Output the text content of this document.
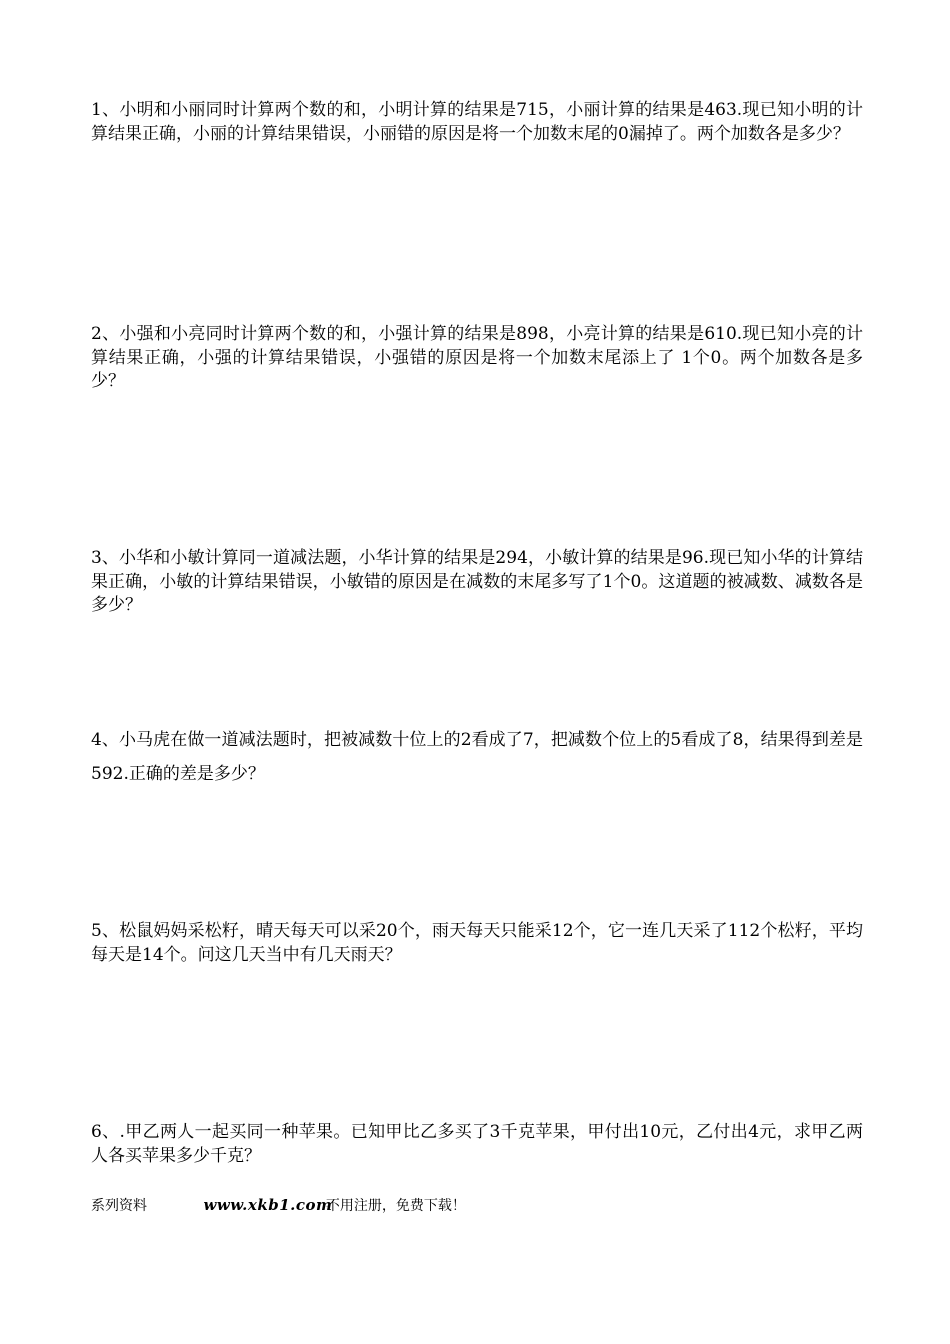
1、小明和小丽同时计算两个数的和，小明计算的结果是715，小丽计算的结果是463.现已知小明的计算结果正确，小丽的计算结果错误，小丽错的原因是将一个加数末尾的0漏掉了。两个加数各是多少？

2、小强和小亮同时计算两个数的和，小强计算的结果是898，小亮计算的结果是610.现已知小亮的计算结果正确，小强的计算结果错误，小强错的原因是将一个加数末尾添上了 1个0。两个加数各是多少？

3、小华和小敏计算同一道减法题，小华计算的结果是294，小敏计算的结果是96.现已知小华的计算结果正确，小敏的计算结果错误，小敏错的原因是在减数的末尾多写了1个0。这道题的被减数、减数各是多少？

4、小马虎在做一道减法题时，把被减数十位上的2看成了7，把减数个位上的5看成了8，结果得到差是592.正确的差是多少？

5、松鼠妈妈采松籽，晴天每天可以采20个，雨天每天只能采12个，它一连几天采了112个松籽，平均每天是14个。问这几天当中有几天雨天？

6、.甲乙两人一起买同一种苹果。已知甲比乙多买了3千克苹果，甲付出10元，乙付出4元，求甲乙两人各买苹果多少千克？

系列资料	www.xkb1.com 不用注册，免费下载！
